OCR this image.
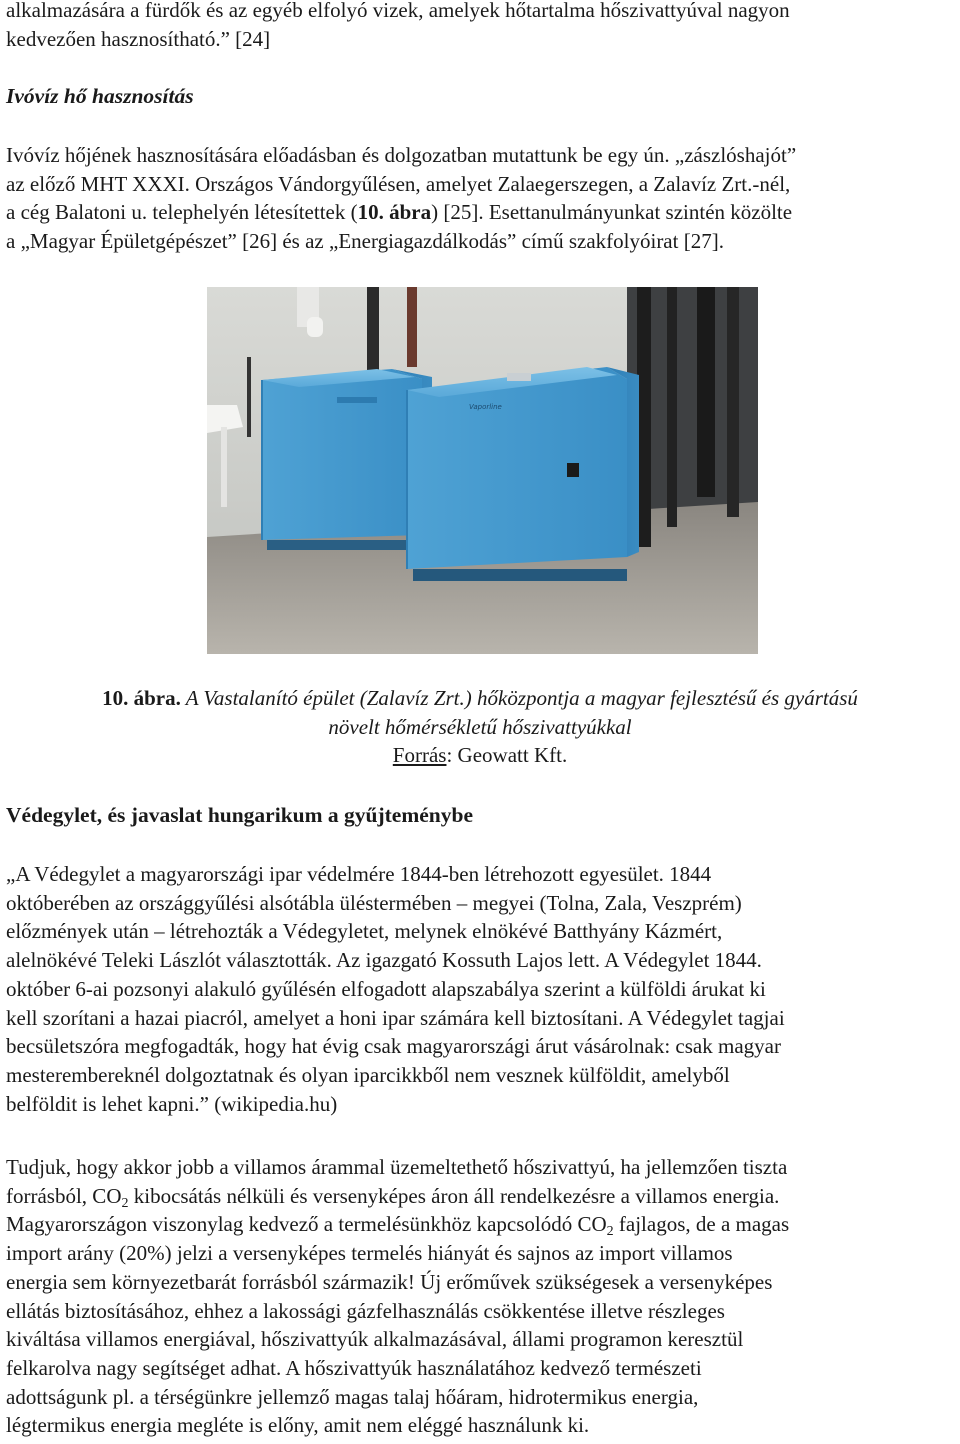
alkalmazására a fürdők és az egyéb elfolyó vizek, amelyek hőtartalma hőszivattyúval nagyon
kedvezően hasznosítható.” [24]
Ivóvíz hő hasznosítás
Ivóvíz hőjének hasznosítására előadásban és dolgozatban mutattunk be egy ún. „zászlóshajót”
az előző MHT XXXI. Országos Vándorgyűlésen, amelyet Zalaegerszegen, a Zalavíz Zrt.-nél,
a cég Balatoni u. telephelyén létesítettek (10. ábra) [25]. Esettanulmányunkat szintén közölte
a „Magyar Épületgépészet” [26] és az „Energiagazdálkodás” című szakfolyóirat [27].
Vaporline
10. ábra. A Vastalanító épület (Zalavíz Zrt.) hőközpontja a magyar fejlesztésű és gyártású
növelt hőmérsékletű hőszivattyúkkal
Forrás: Geowatt Kft.
Védegylet, és javaslat hungarikum a gyűjteménybe
„A Védegylet a magyarországi ipar védelmére 1844-ben létrehozott egyesület. 1844
októberében az országgyűlési alsótábla üléstermében – megyei (Tolna, Zala, Veszprém)
előzmények után – létrehozták a Védegyletet, melynek elnökévé Batthyány Kázmért,
alelnökévé Teleki Lászlót választották. Az igazgató Kossuth Lajos lett. A Védegylet 1844.
október 6-ai pozsonyi alakuló gyűlésén elfogadott alapszabálya szerint a külföldi árukat ki
kell szorítani a hazai piacról, amelyet a honi ipar számára kell biztosítani. A Védegylet tagjai
becsületszóra megfogadták, hogy hat évig csak magyarországi árut vásárolnak: csak magyar
mesterembereknél dolgoztatnak és olyan iparcikkből nem vesznek külföldit, amelyből
belföldit is lehet kapni.” (wikipedia.hu)
Tudjuk, hogy akkor jobb a villamos árammal üzemeltethető hőszivattyú, ha jellemzően tiszta
forrásból, $CO_2$ kibocsátás nélküli és versenyképes áron áll rendelkezésre a villamos energia.
Magyarországon viszonylag kedvező a termelésünkhöz kapcsolódó $CO_2$ fajlagos, de a magas
import arány (20%) jelzi a versenyképes termelés hiányát és sajnos az import villamos
energia sem környezetbarát forrásból származik! Új erőművek szükségesek a versenyképes
ellátás biztosításához, ehhez a lakossági gázfelhasználás csökkentése illetve részleges
kiváltása villamos energiával, hőszivattyúk alkalmazásával, állami programon keresztül
felkarolva nagy segítséget adhat. A hőszivattyúk használatához kedvező természeti
adottságunk pl. a térségünkre jellemző magas talaj hőáram, hidrotermikus energia,
légtermikus energia megléte is előny, amit nem eléggé használunk ki.
